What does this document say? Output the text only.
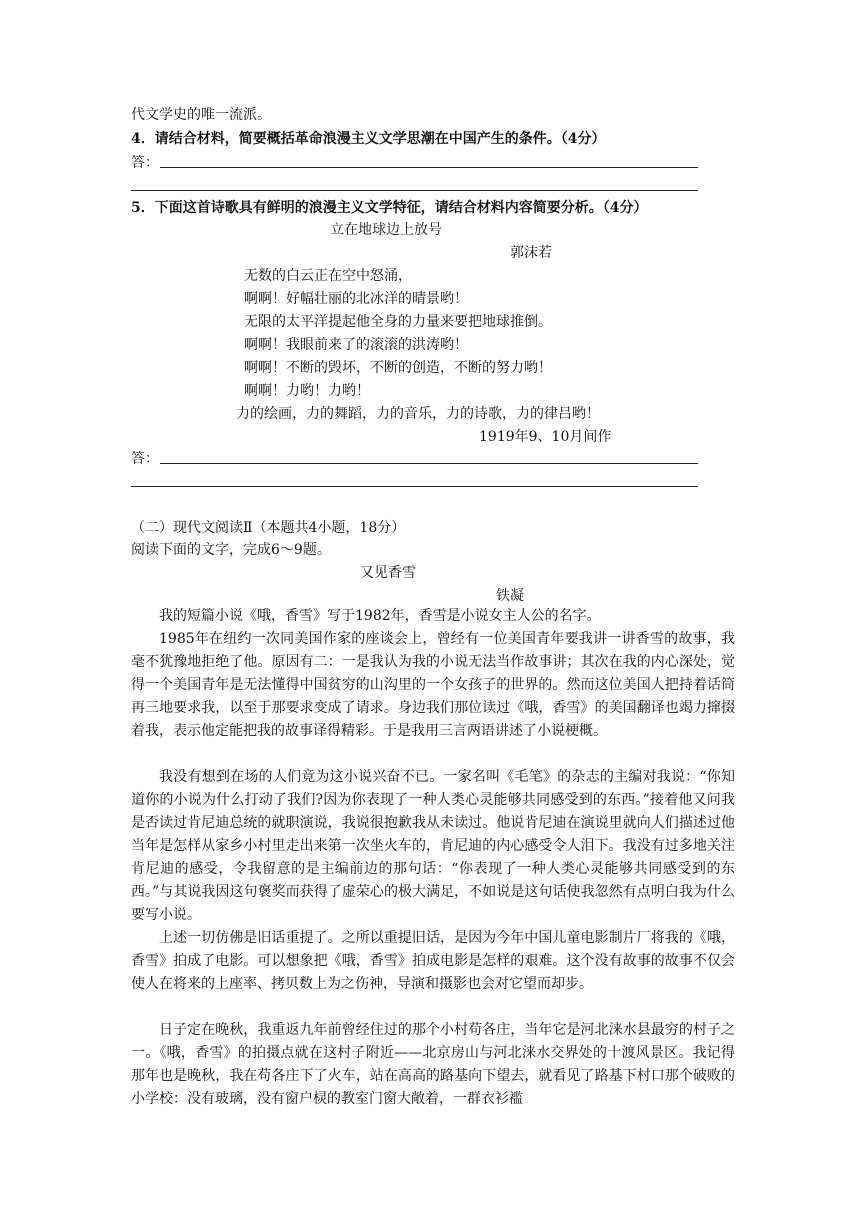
代文学史的唯一流派。
4．请结合材料，简要概括革命浪漫主义文学思潮在中国产生的条件。（4分）
答：
5．下面这首诗歌具有鲜明的浪漫主义文学特征，请结合材料内容简要分析。（4分）
立在地球边上放号
郭沫若
无数的白云正在空中怒涌，
啊啊！好幅壮丽的北冰洋的晴景哟！
无限的太平洋提起他全身的力量来要把地球推倒。
啊啊！我眼前来了的滚滚的洪涛哟！
啊啊！不断的毁坏，不断的创造，不断的努力哟！
啊啊！力哟！力哟！
力的绘画，力的舞蹈，力的音乐，力的诗歌，力的律吕哟！
1919年9、10月间作
答：
（二）现代文阅读Ⅱ（本题共4小题，18分）
阅读下面的文字，完成6～9题。
又见香雪
铁凝
我的短篇小说《哦，香雪》写于1982年，香雪是小说女主人公的名字。
1985年在纽约一次同美国作家的座谈会上，曾经有一位美国青年要我讲一讲香雪的故事，我毫不犹豫地拒绝了他。原因有二：一是我认为我的小说无法当作故事讲；其次在我的内心深处，觉得一个美国青年是无法懂得中国贫穷的山沟里的一个女孩子的世界的。然而这位美国人把持着话筒再三地要求我，以至于那要求变成了请求。身边我们那位读过《哦，香雪》的美国翻译也竭力撺掇着我，表示他定能把我的故事译得精彩。于是我用三言两语讲述了小说梗概。
我没有想到在场的人们竟为这小说兴奋不已。一家名叫《毛笔》的杂志的主编对我说：“你知道你的小说为什么打动了我们?因为你表现了一种人类心灵能够共同感受到的东西。”接着他又问我是否读过肯尼迪总统的就职演说，我说很抱歉我从未读过。他说肯尼迪在演说里就向人们描述过他当年是怎样从家乡小村里走出来第一次坐火车的，肯尼迪的内心感受令人泪下。我没有过多地关注肯尼迪的感受，令我留意的是主编前边的那句话：“你表现了一种人类心灵能够共同感受到的东西。”与其说我因这句褒奖而获得了虚荣心的极大满足，不如说是这句话使我忽然有点明白我为什么要写小说。
上述一切仿佛是旧话重提了。之所以重提旧话，是因为今年中国儿童电影制片厂将我的《哦，香雪》拍成了电影。可以想象把《哦，香雪》拍成电影是怎样的艰难。这个没有故事的故事不仅会使人在将来的上座率、拷贝数上为之伤神，导演和摄影也会对它望而却步。
日子定在晚秋，我重返九年前曾经住过的那个小村苟各庄，当年它是河北涞水县最穷的村子之一。《哦，香雪》的拍摄点就在这村子附近——北京房山与河北涞水交界处的十渡风景区。我记得那年也是晚秋，我在苟各庄下了火车，站在高高的路基向下望去，就看见了路基下村口那个破败的小学校：没有玻璃，没有窗户棂的教室门窗大敞着，一群衣衫褴
